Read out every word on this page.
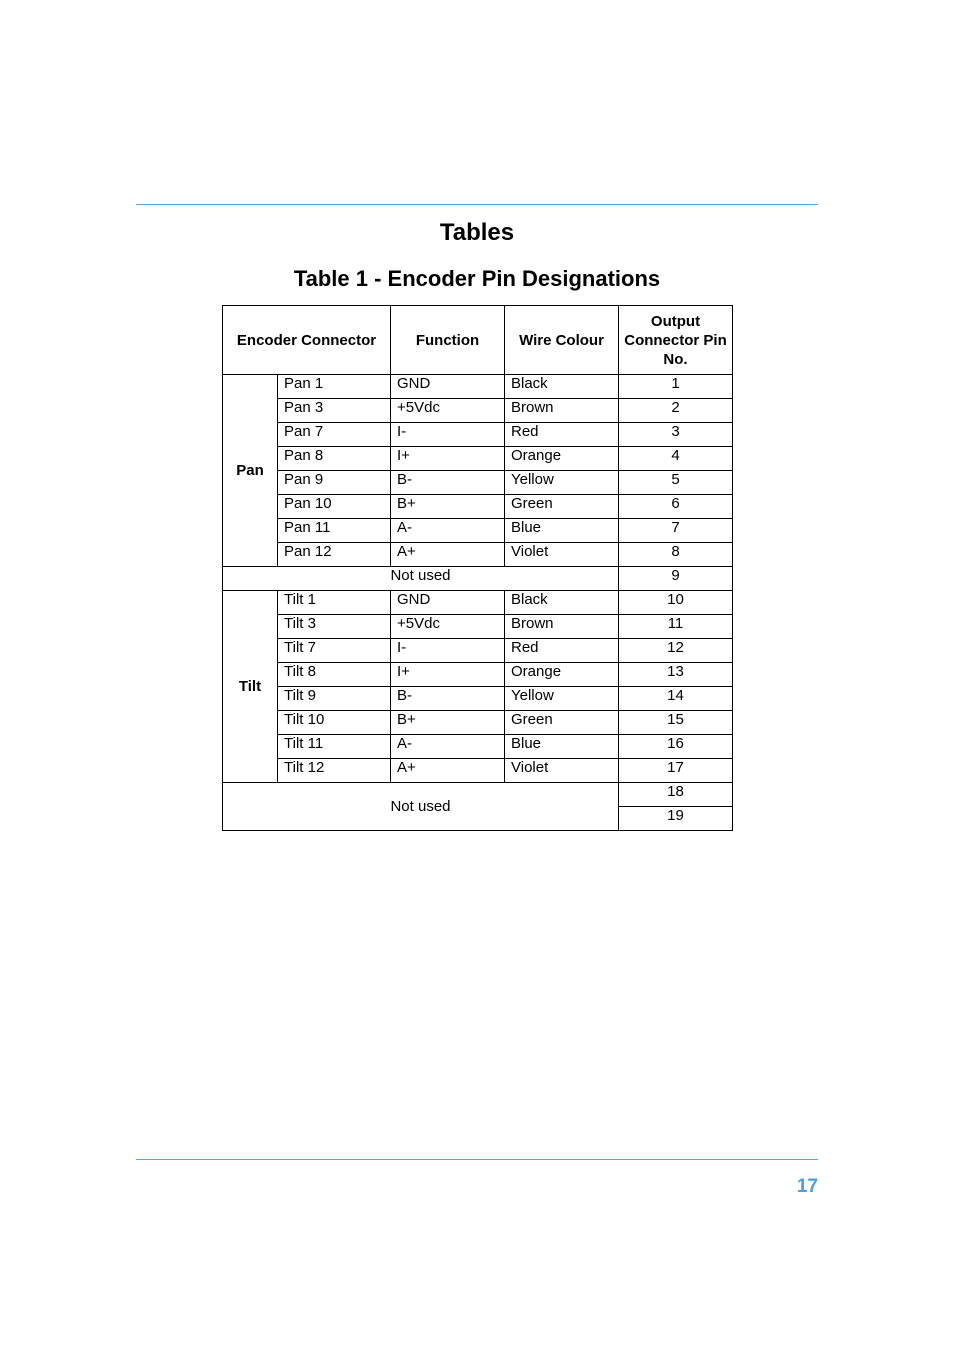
Tables
Table 1 - Encoder Pin Designations
Encoder Connector		Function	Wire Colour	Output Connector Pin No.
Pan	Pan 1	GND	Black	1
	Pan 3	+5Vdc	Brown	2
	Pan 7	I-	Red	3
	Pan 8	I+	Orange	4
	Pan 9	B-	Yellow	5
	Pan 10	B+	Green	6
	Pan 11	A-	Blue	7
	Pan 12	A+	Violet	8
Not used				9
Tilt	Tilt 1	GND	Black	10
	Tilt 3	+5Vdc	Brown	11
	Tilt 7	I-	Red	12
	Tilt 8	I+	Orange	13
	Tilt 9	B-	Yellow	14
	Tilt 10	B+	Green	15
	Tilt 11	A-	Blue	16
	Tilt 12	A+	Violet	17
Not used				18
				19
17
